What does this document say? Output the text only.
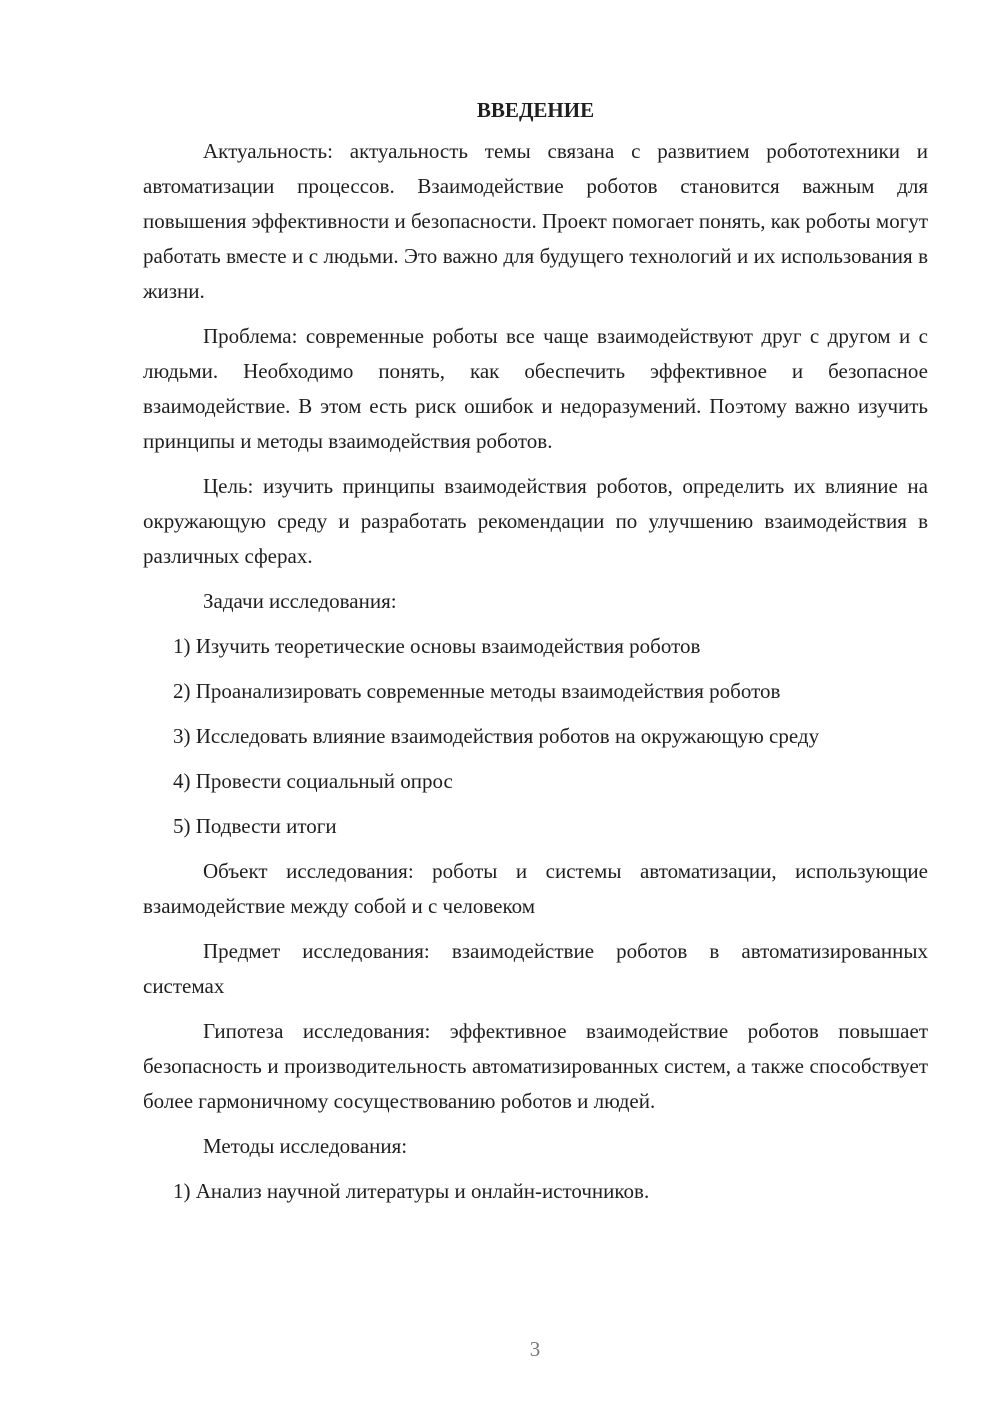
ВВЕДЕНИЕ

Актуальность: актуальность темы связана с развитием робототехники и автоматизации процессов. Взаимодействие роботов становится важным для повышения эффективности и безопасности. Проект помогает понять, как роботы могут работать вместе и с людьми. Это важно для будущего технологий и их использования в жизни.

Проблема: современные роботы все чаще взаимодействуют друг с другом и с людьми. Необходимо понять, как обеспечить эффективное и безопасное взаимодействие. В этом есть риск ошибок и недоразумений. Поэтому важно изучить принципы и методы взаимодействия роботов.

Цель: изучить принципы взаимодействия роботов, определить их влияние на окружающую среду и разработать рекомендации по улучшению взаимодействия в различных сферах.

Задачи исследования:

1) Изучить теоретические основы взаимодействия роботов

2) Проанализировать современные методы взаимодействия роботов

3) Исследовать влияние взаимодействия роботов на окружающую среду

4) Провести социальный опрос

5) Подвести итоги

Объект исследования: роботы и системы автоматизации, использующие взаимодействие между собой и с человеком

Предмет исследования: взаимодействие роботов в автоматизированных системах

Гипотеза исследования: эффективное взаимодействие роботов повышает безопасность и производительность автоматизированных систем, а также способствует более гармоничному сосуществованию роботов и людей.

Методы исследования:

1) Анализ научной литературы и онлайн-источников.

3
